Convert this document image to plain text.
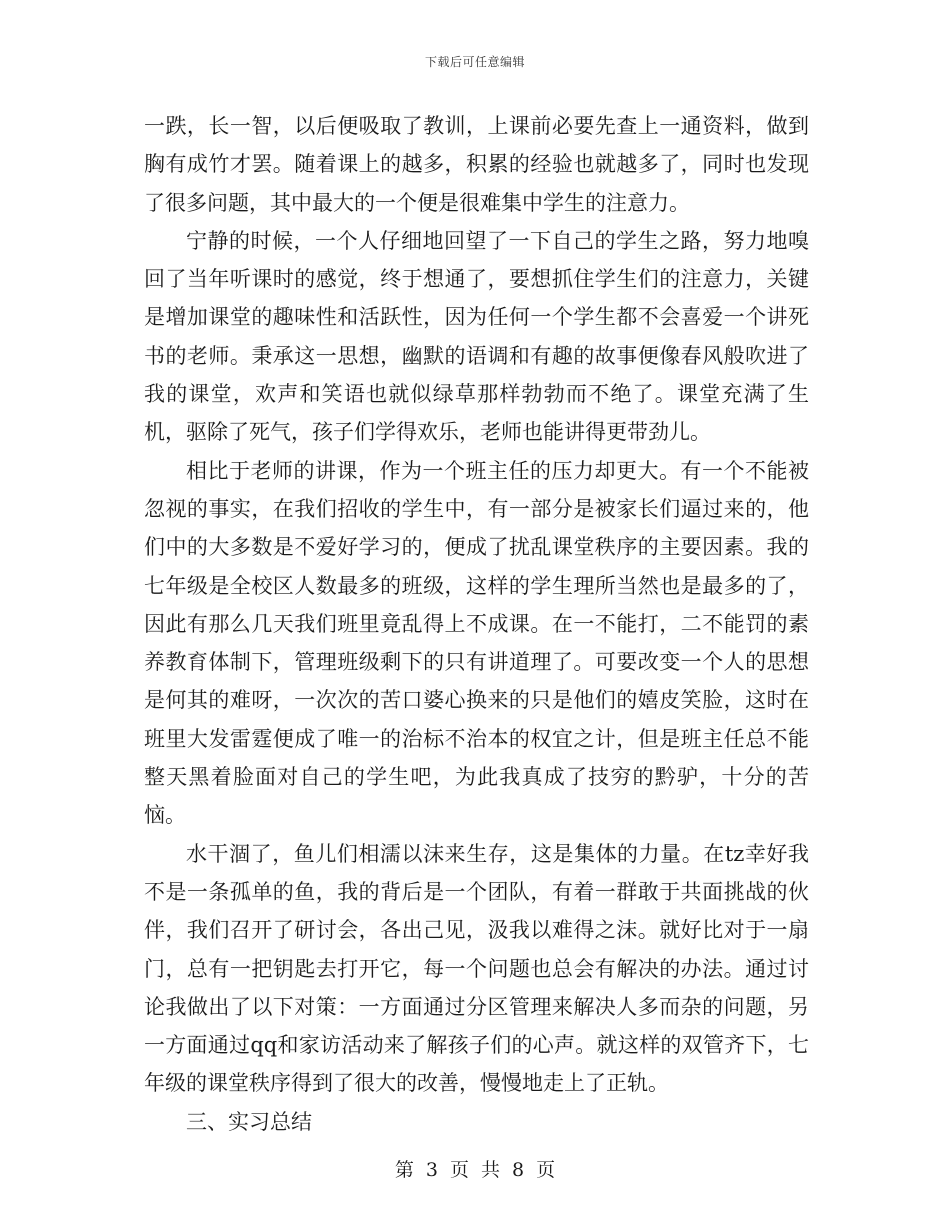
下载后可任意编辑

一跌，长一智，以后便吸取了教训，上课前必要先查上一通资料，做到胸有成竹才罢。随着课上的越多，积累的经验也就越多了，同时也发现了很多问题，其中最大的一个便是很难集中学生的注意力。

宁静的时候，一个人仔细地回望了一下自己的学生之路，努力地嗅回了当年听课时的感觉，终于想通了，要想抓住学生们的注意力，关键是增加课堂的趣味性和活跃性，因为任何一个学生都不会喜爱一个讲死书的老师。秉承这一思想，幽默的语调和有趣的故事便像春风般吹进了我的课堂，欢声和笑语也就似绿草那样勃勃而不绝了。课堂充满了生机，驱除了死气，孩子们学得欢乐，老师也能讲得更带劲儿。

相比于老师的讲课，作为一个班主任的压力却更大。有一个不能被忽视的事实，在我们招收的学生中，有一部分是被家长们逼过来的，他们中的大多数是不爱好学习的，便成了扰乱课堂秩序的主要因素。我的七年级是全校区人数最多的班级，这样的学生理所当然也是最多的了，因此有那么几天我们班里竟乱得上不成课。在一不能打，二不能罚的素养教育体制下，管理班级剩下的只有讲道理了。可要改变一个人的思想是何其的难呀，一次次的苦口婆心换来的只是他们的嬉皮笑脸，这时在班里大发雷霆便成了唯一的治标不治本的权宜之计，但是班主任总不能整天黑着脸面对自己的学生吧，为此我真成了技穷的黔驴，十分的苦恼。

水干涸了，鱼儿们相濡以沫来生存，这是集体的力量。在tz幸好我不是一条孤单的鱼，我的背后是一个团队，有着一群敢于共面挑战的伙伴，我们召开了研讨会，各出己见，汲我以难得之沫。就好比对于一扇门，总有一把钥匙去打开它，每一个问题也总会有解决的办法。通过讨论我做出了以下对策：一方面通过分区管理来解决人多而杂的问题，另一方面通过qq和家访活动来了解孩子们的心声。就这样的双管齐下，七年级的课堂秩序得到了很大的改善，慢慢地走上了正轨。

三、实习总结

第 3 页 共 8 页
